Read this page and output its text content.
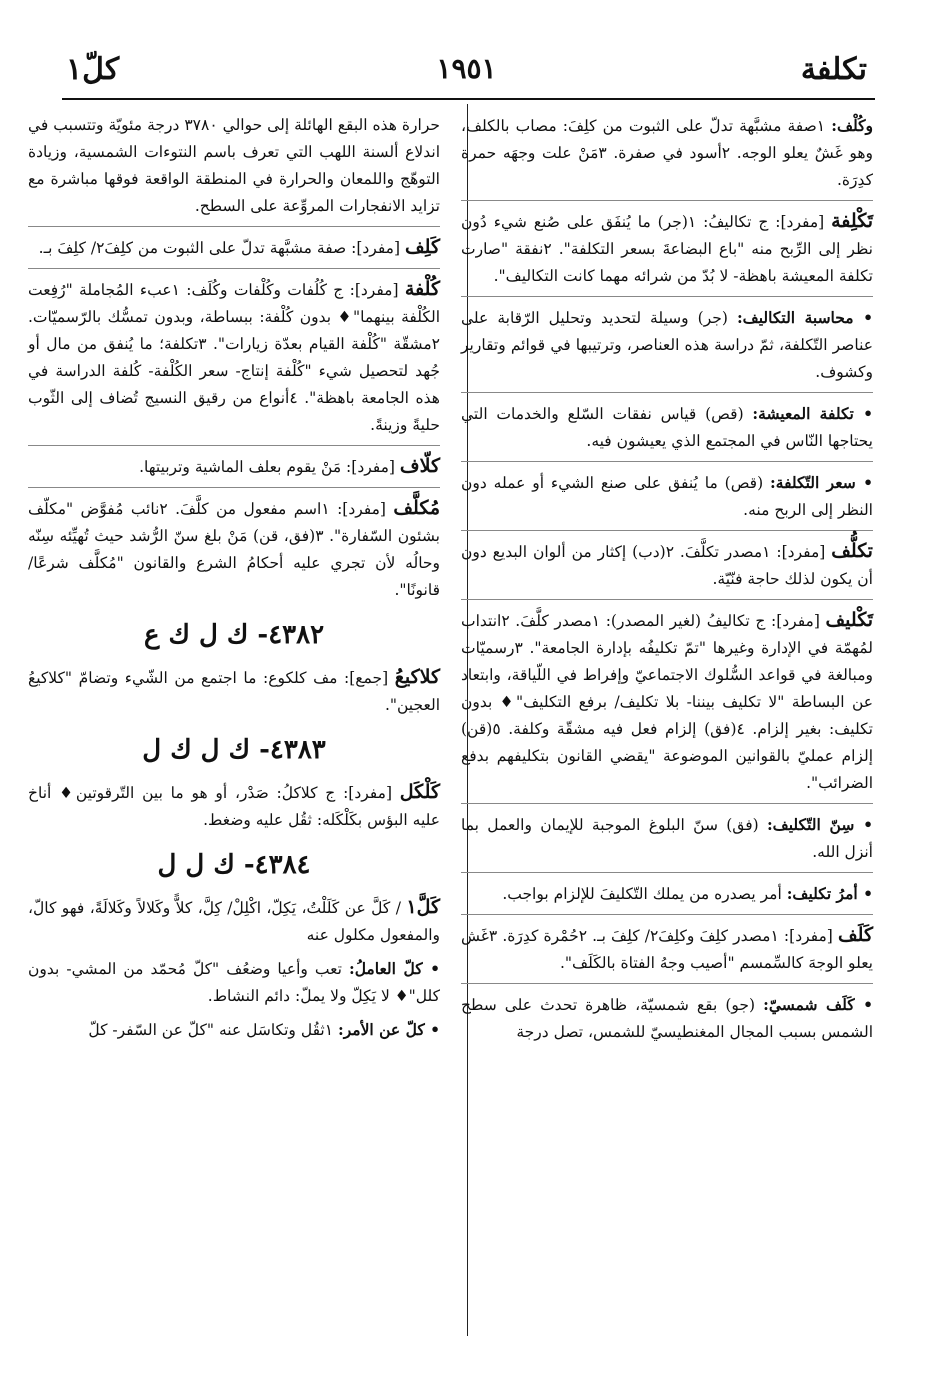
تكلفة
١٩٥١
كلّ١
وكُلْف: ١صفة مشبَّهة تدلّ على الثبوت من كلِفَ: مصاب بالكلف، وهو غَشٌ يعلو الوجه. ٢أسود في صفرة. ٣مَنْ علت وجهَه حمرة كدِرَة.
تَكْلِفة [مفرد]: ج تكاليفُ: ١(جر) ما يُنفَق على صُنع شيء دُون نظر إلى الرِّبح منه "باع البضاعةَ بسعر التكلفة". ٢نفقة "صارت تكلفة المعيشة باهظة- لا بُدّ من شرائه مهما كانت التكاليف".
• محاسبة التكاليف: (جر) وسيلة لتحديد وتحليل الرّقابة على عناصر التّكلفة، ثمّ دراسة هذه العناصر، وترتيبها في قوائم وتقارير وكشوف.
• تكلفة المعيشة: (قص) قياس نفقات السّلع والخدمات التي يحتاجها النّاس في المجتمع الذي يعيشون فيه.
• سعر التّكلفة: (قص) ما يُنفق على صنع الشيء أو عمله دون النظر إلى الربح منه.
تكلُّف [مفرد]: ١مصدر تكلَّفَ. ٢(دب) إكثار من ألوان البديع دون أن يكون لذلك حاجة فنّيّة.
تَكْليف [مفرد]: ج تكاليفُ (لغير المصدر): ١مصدر كلَّفَ. ٢انتداب لمُهمّة في الإدارة وغيرها "تمّ تكليفُه بإدارة الجامعة". ٣رسميّات ومبالغة في قواعد السُّلوك الاجتماعيّ وإفراط في اللّياقة، وابتعاد عن البساطة "لا تكليف بيننا- بلا تكليف/ برفع التكليف"♦ بدون تكليف: بغير إلزام. ٤(فق) إلزام فعل فيه مشقّة وكلفة. ٥(قن) إلزام عمليّ بالقوانين الموضوعة "يقضي القانون بتكليفهم بدفع الضرائب".
• سِنّ التّكليف: (فق) سنّ البلوغ الموجبة للإيمان والعمل بما أنزل الله.
• أمرُ تكليف: أمر يصدره من يملك التّكليفَ للإلزام بواجب.
كَلَف [مفرد]: ١مصدر كلِفَ وكلِفَ٢/ كلِفَ بـ. ٢حُمْرة كدِرَة. ٣غَش يعلو الوجهَ كالسِّمسم "أصيب وجهُ الفتاة بالكَلَف".
• كَلَف شمسيّ: (جو) بقع شمسيّة، ظاهرة تحدث على سطح الشمس بسبب المجال المغنطيسيّ للشمس، تصل درجة
حرارة هذه البقع الهائلة إلى حوالي ٣٧٨٠ درجة مئويّة وتتسبب في اندلاع ألسنة اللهب التي تعرف باسم النتوءات الشمسية، وزيادة التوهّج واللمعان والحرارة في المنطقة الواقعة فوقها مباشرة مع تزايد الانفجارات المروِّعة على السطح.
كَلِف [مفرد]: صفة مشبَّهة تدلّ على الثبوت من كلِفَ٢/ كلِفَ بـ.
كُلْفة [مفرد]: ج كُلُفات وكُلْفات وكُلَف: ١عبء المُجاملة "رُفِعت الكُلْفة بينهما"♦ بدون كُلْفة: ببساطة، وبدون تمسُّك بالرّسميّات. ٢مشقّة "كُلْفة القيام بعدّة زيارات". ٣تكلفة؛ ما يُنفق من مال أو جُهد لتحصيل شيء "كُلْفة إنتاج- سعر الكُلْفة- كُلفة الدراسة في هذه الجامعة باهظة". ٤أنواع من رقيق النسيج تُضاف إلى الثّوب حليةً وزينةً.
كلّاف [مفرد]: مَنْ يقوم بعلف الماشية وتربيتها.
مُكلَّف [مفرد]: ١اسم مفعول من كلَّفَ. ٢نائب مُفوَّض "مكلّف بشئون السّفارة". ٣(فق، قن) مَنْ بلغ سنّ الرُّشد حيث تُهيِّئه سِنّه وحالُه لأن تجري عليه أحكامُ الشرع والقانون "مُكلَّف شرعًا/ قانونًا".
٤٣٨٢- ك ل ك ع
كلاكيعُ [جمع]: مف كلكوع: ما اجتمع من الشّيء وتضامّ "كلاكيعُ العجين".
٤٣٨٣- ك ل ك ل
كَلْكَل [مفرد]: ج كلاكلُ: صَدْر، أو هو ما بين التّرقوتين♦ أناخ عليه البؤس بكَلْكَله: ثقُل عليه وضغط.
٤٣٨٤- ك ل ل
كَلَّ١ / كَلَّ عن كَلَلْتُ، يَكِلّ، اكْلِلْ/ كِلَّ، كلاًّ وكَلالاً وكَلالَةً، فهو كالّ، والمفعول مكلول عنه
• كلّ العاملُ: تعب وأعيا وضعُف "كلّ مُحمّد من المشي- بدون كلل"♦ لا يَكِلّ ولا يملّ: دائم النشاط.
• كلّ عن الأمر: ١ثقُل وتكاسَل عنه "كلّ عن السّفر- كلّ
